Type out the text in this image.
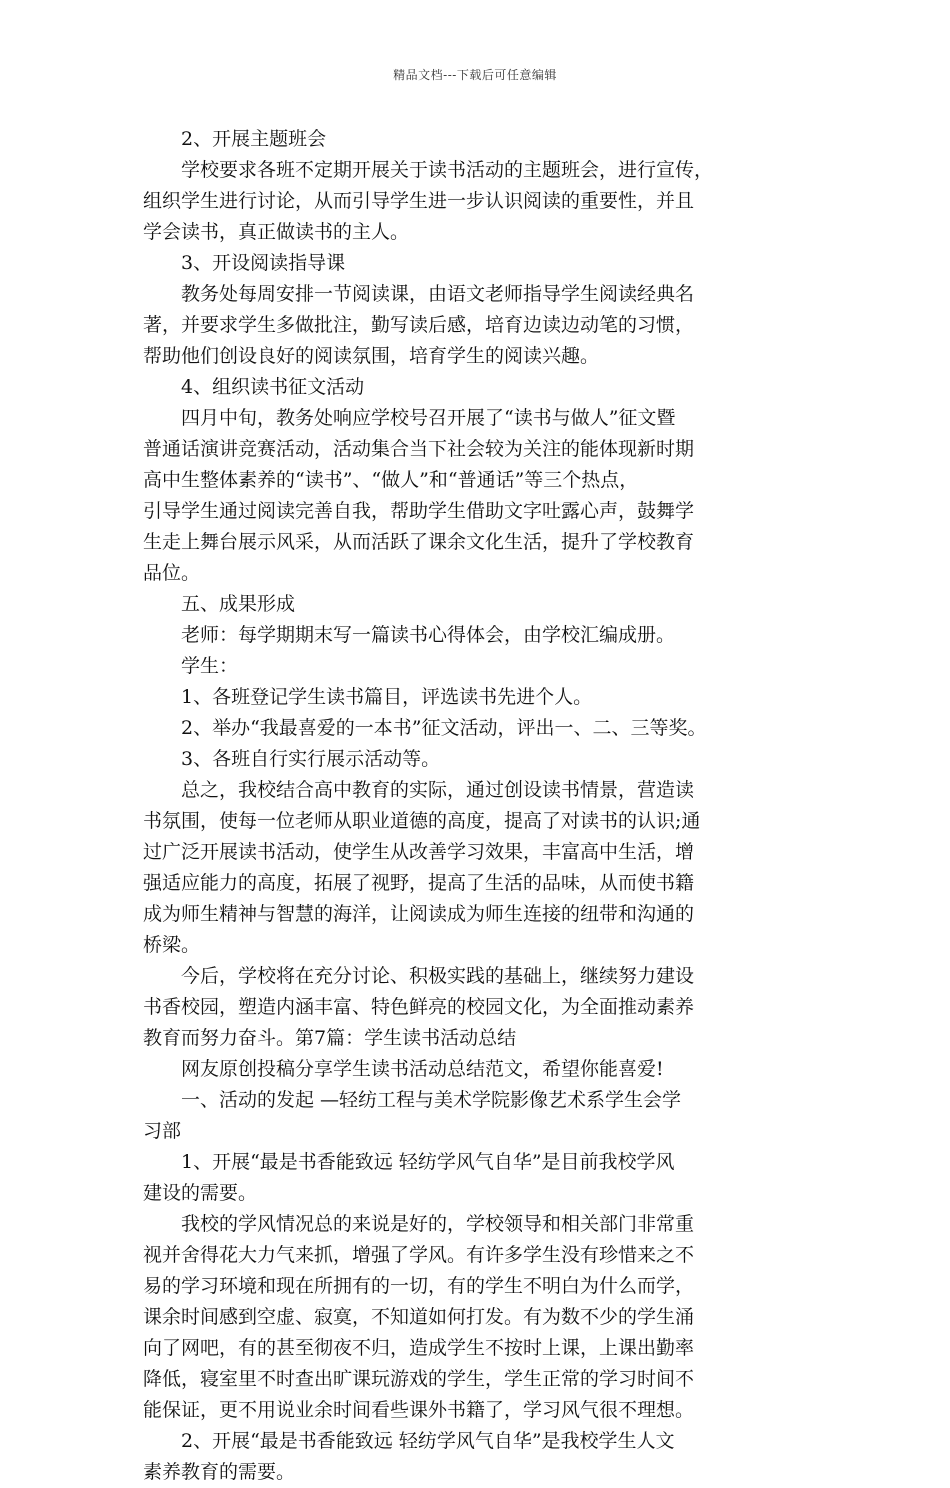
精品文档---下载后可任意编辑
　　2、开展主题班会
　　学校要求各班不定期开展关于读书活动的主题班会，进行宣传，
组织学生进行讨论，从而引导学生进一步认识阅读的重要性，并且
学会读书，真正做读书的主人。
　　3、开设阅读指导课
　　教务处每周安排一节阅读课，由语文老师指导学生阅读经典名
著，并要求学生多做批注，勤写读后感，培育边读边动笔的习惯，
帮助他们创设良好的阅读氛围，培育学生的阅读兴趣。
　　4、组织读书征文活动
　　四月中旬，教务处响应学校号召开展了“读书与做人”征文暨
普通话演讲竞赛活动，活动集合当下社会较为关注的能体现新时期
高中生整体素养的“读书”、“做人”和“普通话”等三个热点，
引导学生通过阅读完善自我，帮助学生借助文字吐露心声，鼓舞学
生走上舞台展示风采，从而活跃了课余文化生活，提升了学校教育
品位。
　　五、成果形成
　　老师：每学期期末写一篇读书心得体会，由学校汇编成册。
　　学生：
　　1、各班登记学生读书篇目，评选读书先进个人。
　　2、举办“我最喜爱的一本书”征文活动，评出一、二、三等奖。
　　3、各班自行实行展示活动等。
　　总之，我校结合高中教育的实际，通过创设读书情景，营造读
书氛围，使每一位老师从职业道德的高度，提高了对读书的认识;通
过广泛开展读书活动，使学生从改善学习效果，丰富高中生活，增
强适应能力的高度，拓展了视野，提高了生活的品味，从而使书籍
成为师生精神与智慧的海洋，让阅读成为师生连接的纽带和沟通的
桥梁。
　　今后，学校将在充分讨论、积极实践的基础上，继续努力建设
书香校园，塑造内涵丰富、特色鲜亮的校园文化，为全面推动素养
教育而努力奋斗。第7篇：学生读书活动总结
　　网友原创投稿分享学生读书活动总结范文，希望你能喜爱!
　　一、活动的发起 —轻纺工程与美术学院影像艺术系学生会学
习部
　　1、开展“最是书香能致远 轻纺学风气自华”是目前我校学风
建设的需要。
　　我校的学风情况总的来说是好的，学校领导和相关部门非常重
视并舍得花大力气来抓，增强了学风。有许多学生没有珍惜来之不
易的学习环境和现在所拥有的一切，有的学生不明白为什么而学，
课余时间感到空虚、寂寞，不知道如何打发。有为数不少的学生涌
向了网吧，有的甚至彻夜不归，造成学生不按时上课，上课出勤率
降低，寝室里不时查出旷课玩游戏的学生，学生正常的学习时间不
能保证，更不用说业余时间看些课外书籍了，学习风气很不理想。
　　2、开展“最是书香能致远 轻纺学风气自华”是我校学生人文
素养教育的需要。
